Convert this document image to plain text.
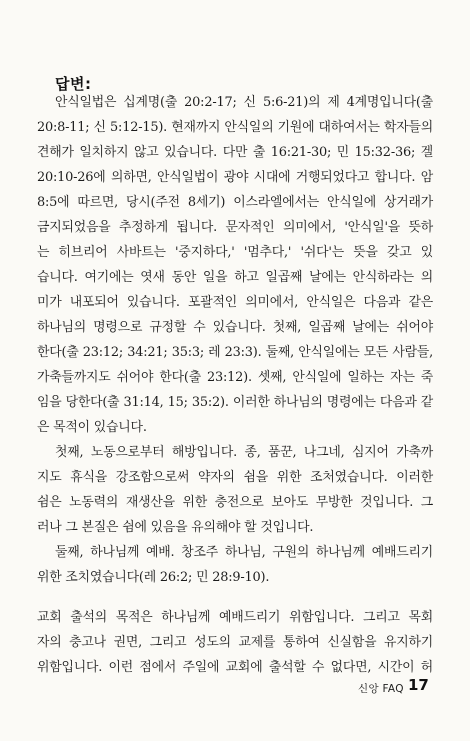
답변:
안식일법은 십계명(출 20:2-17; 신 5:6-21)의 제 4계명입니다(출
20:8-11; 신 5:12-15). 현재까지 안식일의 기원에 대하여서는 학자들의
견해가 일치하지 않고 있습니다. 다만 출 16:21-30; 민 15:32-36; 겔
20:10-26에 의하면, 안식일법이 광야 시대에 거행되었다고 합니다. 암
8:5에 따르면, 당시(주전 8세기) 이스라엘에서는 안식일에 상거래가
금지되었음을 추정하게 됩니다. 문자적인 의미에서, '안식일'을 뜻하
는 히브리어 사바트는 '중지하다,' '멈추다,' '쉬다'는 뜻을 갖고 있
습니다. 여기에는 엿새 동안 일을 하고 일곱째 날에는 안식하라는 의
미가 내포되어 있습니다. 포괄적인 의미에서, 안식일은 다음과 같은
하나님의 명령으로 규정할 수 있습니다. 첫째, 일곱째 날에는 쉬어야
한다(출 23:12; 34:21; 35:3; 레 23:3). 둘째, 안식일에는 모든 사람들,
가축들까지도 쉬어야 한다(출 23:12). 셋째, 안식일에 일하는 자는 죽
임을 당한다(출 31:14, 15; 35:2). 이러한 하나님의 명령에는 다음과 같
은 목적이 있습니다.
첫째, 노동으로부터 해방입니다. 종, 품꾼, 나그네, 심지어 가축까
지도 휴식을 강조함으로써 약자의 쉼을 위한 조처였습니다. 이러한
쉼은 노동력의 재생산을 위한 충전으로 보아도 무방한 것입니다. 그
러나 그 본질은 쉼에 있음을 유의해야 할 것입니다.
둘째, 하나님께 예배. 창조주 하나님, 구원의 하나님께 예배드리기
위한 조치였습니다(레 26:2; 민 28:9-10).
교회 출석의 목적은 하나님께 예배드리기 위함입니다. 그리고 목회
자의 충고나 권면, 그리고 성도의 교제를 통하여 신실함을 유지하기
위함입니다. 이런 점에서 주일에 교회에 출석할 수 없다면, 시간이 허
신앙 FAQ 17
